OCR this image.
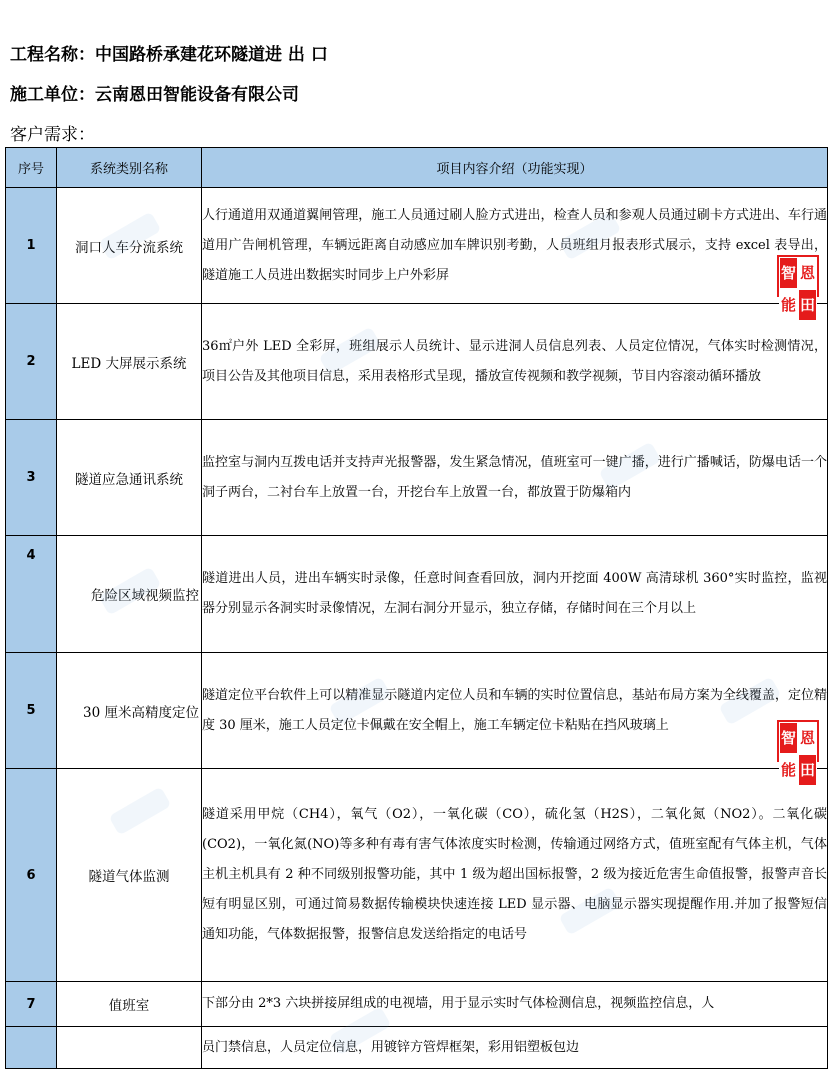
工程名称：中国路桥承建花环隧道进 出 口
施工单位：云南恩田智能设备有限公司
客户需求：
序号	系统类别名称	项目内容介绍（功能实现）
1	洞口人车分流系统	人行通道用双通道翼闸管理，施工人员通过刷人脸方式进出，检查人员和参观人员通过刷卡方式进出、车行通道用广告闸机管理，车辆远距离自动感应加车牌识别考勤，人员班组月报表形式展示，支持 excel 表导出，隧道施工人员进出数据实时同步上户外彩屏 智 恩
能 田

2	LED 大屏展示系统	36㎡户外 LED 全彩屏，班组展示人员统计、显示进洞人员信息列表、人员定位情况，气体实时检测情况，项目公告及其他项目信息，采用表格形式呈现，播放宣传视频和教学视频，节目内容滚动循环播放

3	隧道应急通讯系统	监控室与洞内互拨电话并支持声光报警器，发生紧急情况，值班室可一键广播，进行广播喊话，防爆电话一个洞子两台，二衬台车上放置一台，开挖台车上放置一台，都放置于防爆箱内

4	危险区域视频监控	隧道进出人员，进出车辆实时录像，任意时间查看回放，洞内开挖面 400W 高清球机 360°实时监控，监视器分别显示各洞实时录像情况，左洞右洞分开显示，独立存储，存储时间在三个月以上

5	30 厘米高精度定位	隧道定位平台软件上可以精准显示隧道内定位人员和车辆的实时位置信息，基站布局方案为全线覆盖，定位精度 30 厘米，施工人员定位卡佩戴在安全帽上，施工车辆定位卡粘贴在挡风玻璃上
智 恩
能 田

6	隧道气体监测	隧道采用甲烷（CH4），氧气（O2），一氧化碳（CO），硫化氢（H2S），二氧化氮（NO2）。二氧化碳(CO2)，一氧化氮(NO)等多种有毒有害气体浓度实时检测，传输通过网络方式，值班室配有气体主机，气体主机主机具有 2 种不同级别报警功能，其中 1 级为超出国标报警，2 级为接近危害生命值报警，报警声音长短有明显区别，可通过简易数据传输模块快速连接 LED 显示器、电脑显示器实现提醒作用.并加了报警短信通知功能，气体数据报警，报警信息发送给指定的电话号

7	值班室	下部分由 2*3 六块拼接屏组成的电视墙，用于显示实时气体检测信息，视频监控信息，人

		员门禁信息，人员定位信息，用镀锌方管焊框架，彩用铝塑板包边
